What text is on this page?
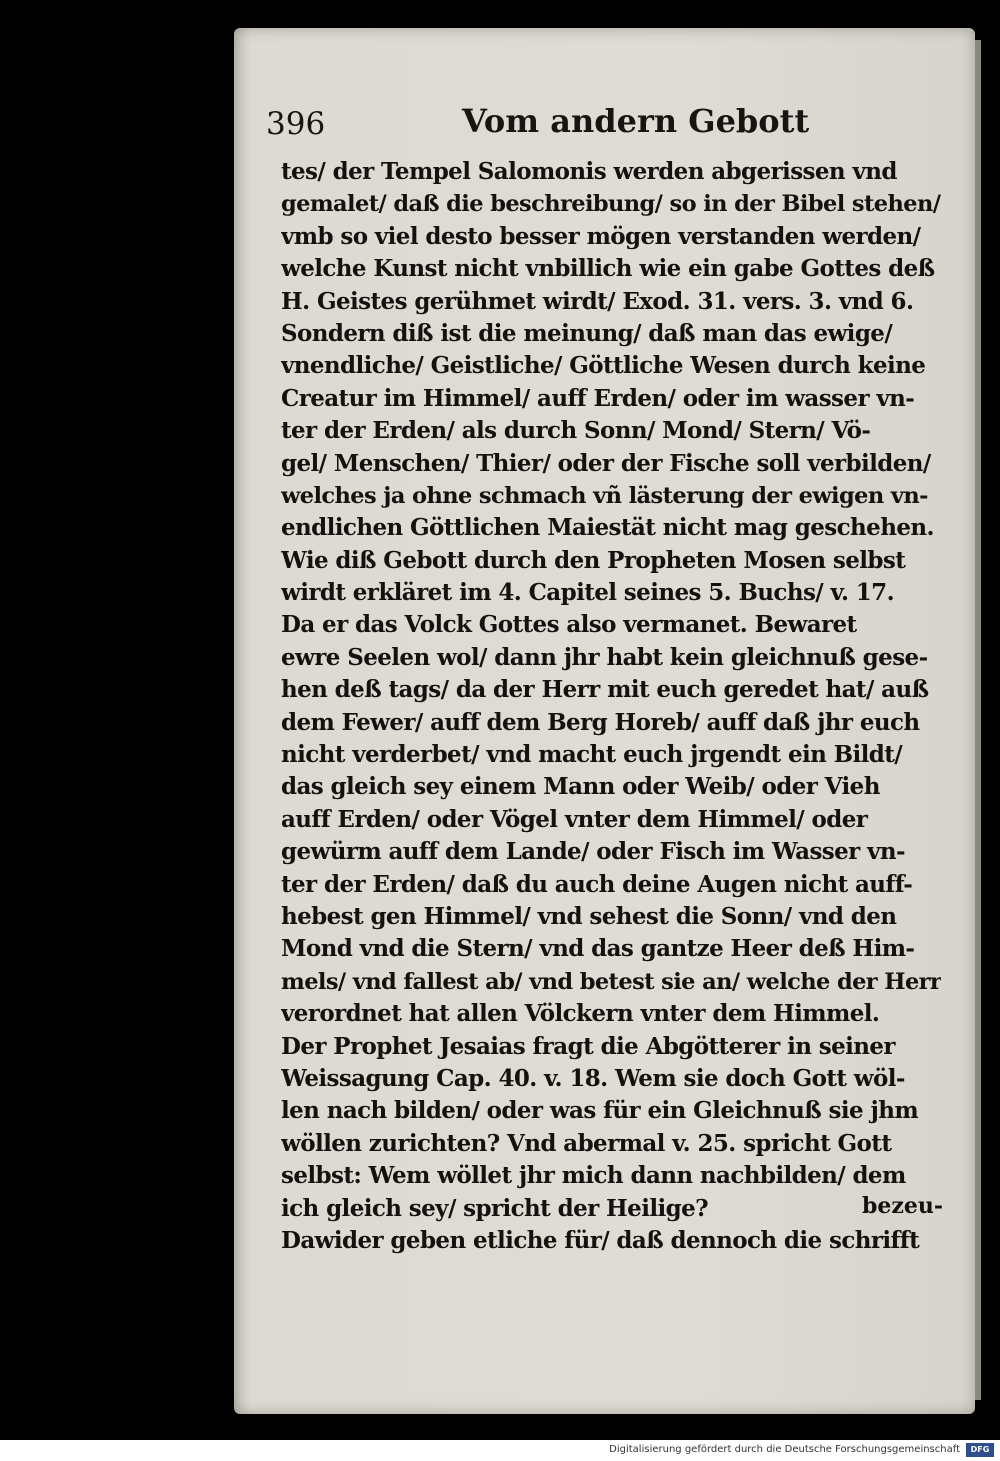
396	Vom andern Gebott
tes/ der Tempel Salomonis werden abgerissen vnd
gemalet/ daß die beschreibung/ so in der Bibel stehen/
vmb so viel desto besser mögen verstanden werden/
welche Kunst nicht vnbillich wie ein gabe Gottes deß
H. Geistes gerühmet wirdt/ Exod. 31. vers. 3. vnd 6.
Sondern diß ist die meinung/ daß man das ewige/
vnendliche/ Geistliche/ Göttliche Wesen durch keine
Creatur im Himmel/ auff Erden/ oder im wasser vn-
ter der Erden/ als durch Sonn/ Mond/ Stern/ Vö-
gel/ Menschen/ Thier/ oder der Fische soll verbilden/
welches ja ohne schmach vñ lästerung der ewigen vn-
endlichen Göttlichen Maiestät nicht mag geschehen.
Wie diß Gebott durch den Propheten Mosen selbst
wirdt erkläret im 4. Capitel seines 5. Buchs/ v. 17.
Da er das Volck Gottes also vermanet. Bewaret
ewre Seelen wol/ dann jhr habt kein gleichnuß gese-
hen deß tags/ da der Herr mit euch geredet hat/ auß
dem Fewer/ auff dem Berg Horeb/ auff daß jhr euch
nicht verderbet/ vnd macht euch jrgendt ein Bildt/
das gleich sey einem Mann oder Weib/ oder Vieh
auff Erden/ oder Vögel vnter dem Himmel/ oder
gewürm auff dem Lande/ oder Fisch im Wasser vn-
ter der Erden/ daß du auch deine Augen nicht auff-
hebest gen Himmel/ vnd sehest die Sonn/ vnd den
Mond vnd die Stern/ vnd das gantze Heer deß Him-
mels/ vnd fallest ab/ vnd betest sie an/ welche der Herr
verordnet hat allen Völckern vnter dem Himmel.
Der Prophet Jesaias fragt die Abgötterer in seiner
Weissagung Cap. 40. v. 18. Wem sie doch Gott wöl-
len nach bilden/ oder was für ein Gleichnuß sie jhm
wöllen zurichten? Vnd abermal v. 25. spricht Gott
selbst: Wem wöllet jhr mich dann nachbilden/ dem
ich gleich sey/ spricht der Heilige?
Dawider geben etliche für/ daß dennoch die schrifft
bezeu-
Digitalisierung gefördert durch die Deutsche Forschungsgemeinschaft	DFG
